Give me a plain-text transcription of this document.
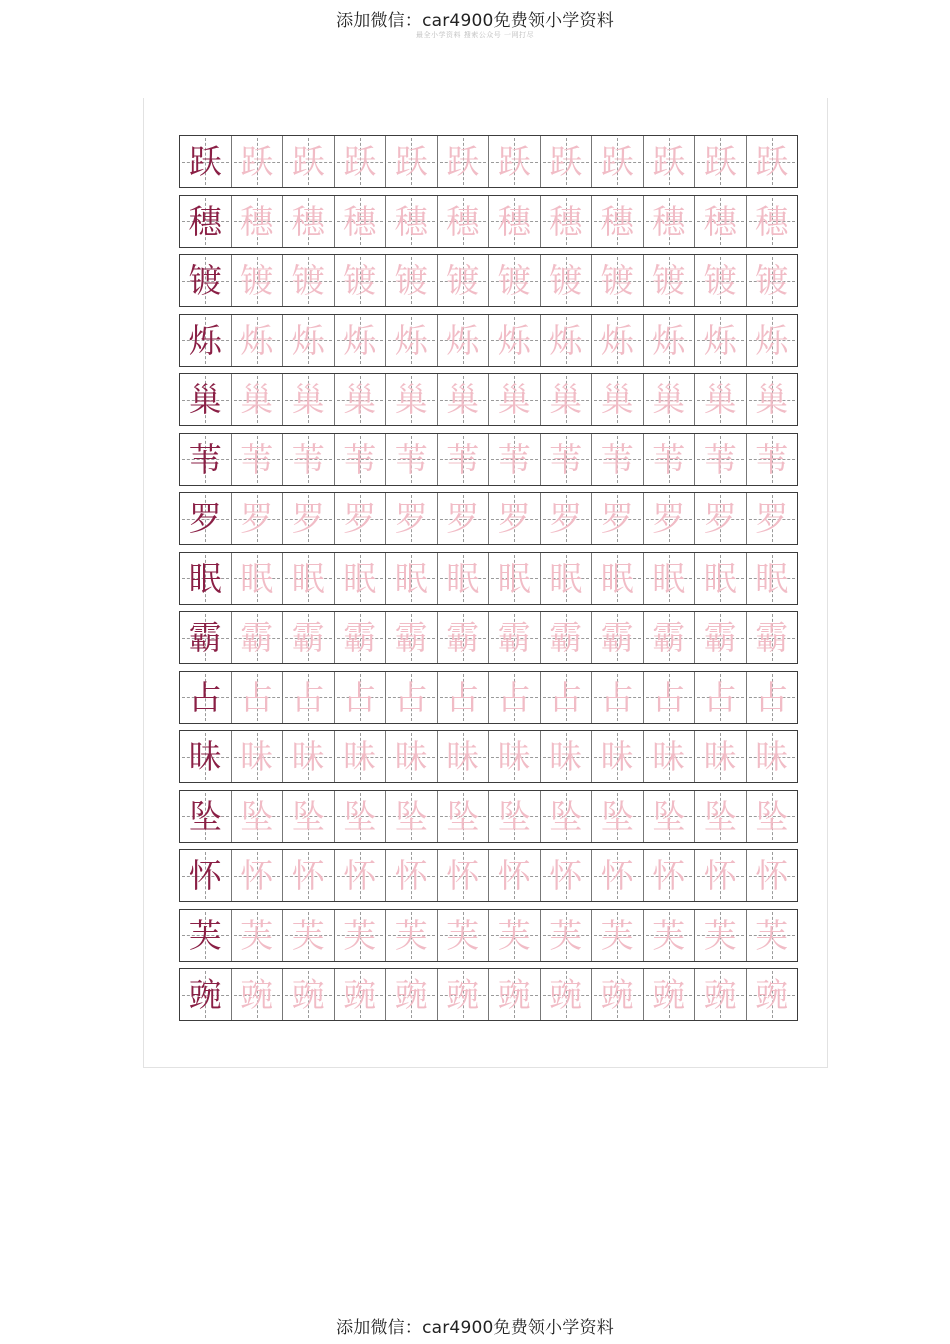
添加微信：car4900免费领小学资料
最全小学资料 搜索公众号 一网打尽
跃 跃 跃 跃 跃 跃 跃 跃 跃 跃 跃 跃
穗 穗 穗 穗 穗 穗 穗 穗 穗 穗 穗 穗
镀 镀 镀 镀 镀 镀 镀 镀 镀 镀 镀 镀
烁 烁 烁 烁 烁 烁 烁 烁 烁 烁 烁 烁
巢 巢 巢 巢 巢 巢 巢 巢 巢 巢 巢 巢
苇 苇 苇 苇 苇 苇 苇 苇 苇 苇 苇 苇
罗 罗 罗 罗 罗 罗 罗 罗 罗 罗 罗 罗
眠 眠 眠 眠 眠 眠 眠 眠 眠 眠 眠 眠
霸 霸 霸 霸 霸 霸 霸 霸 霸 霸 霸 霸
占 占 占 占 占 占 占 占 占 占 占 占
昧 昧 昧 昧 昧 昧 昧 昧 昧 昧 昧 昧
坠 坠 坠 坠 坠 坠 坠 坠 坠 坠 坠 坠
怀 怀 怀 怀 怀 怀 怀 怀 怀 怀 怀 怀
芙 芙 芙 芙 芙 芙 芙 芙 芙 芙 芙 芙
豌 豌 豌 豌 豌 豌 豌 豌 豌 豌 豌 豌
添加微信：car4900免费领小学资料
